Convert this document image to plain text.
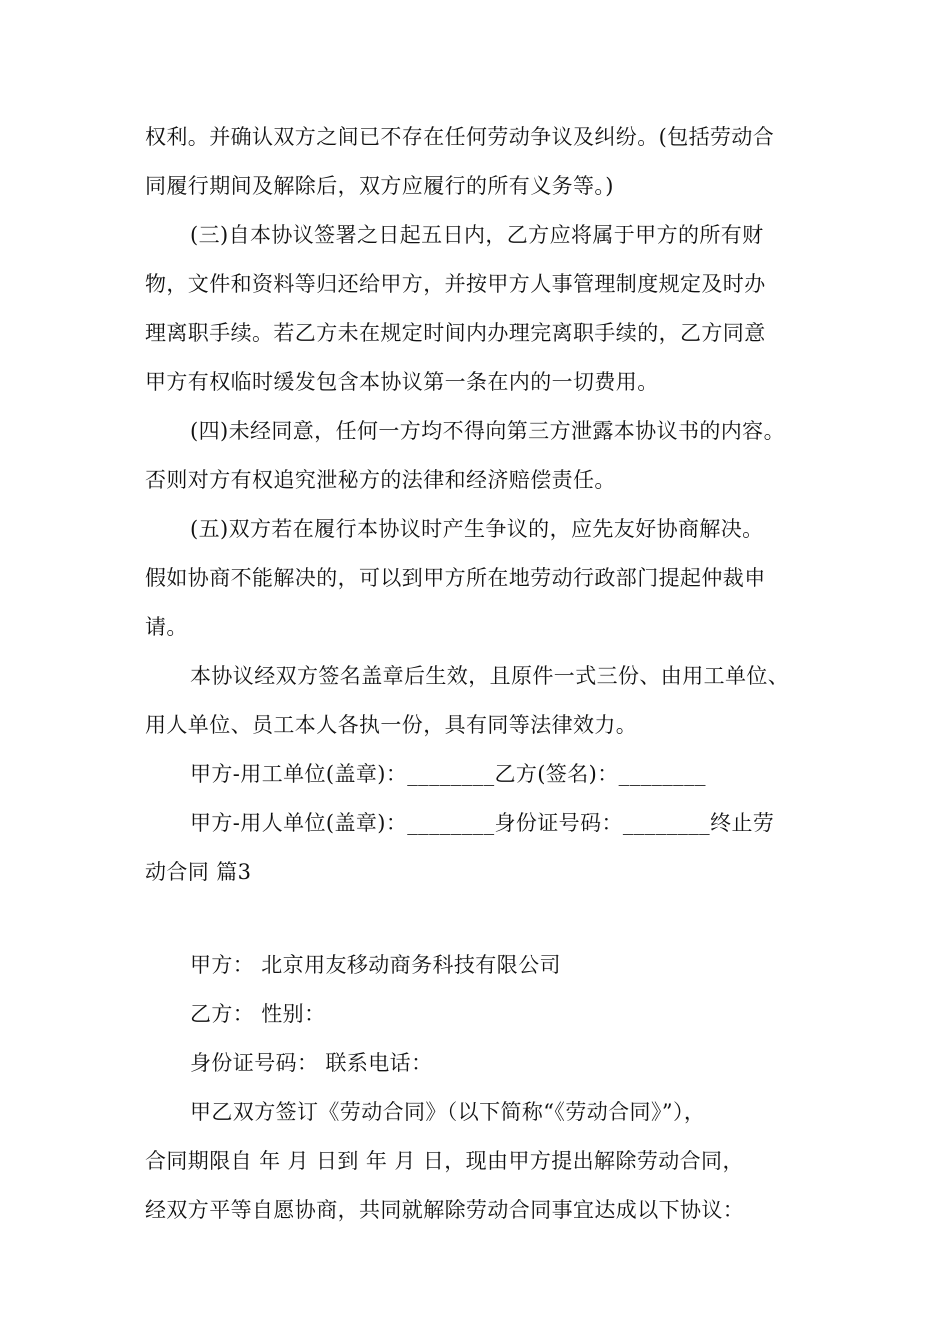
权利。并确认双方之间已不存在任何劳动争议及纠纷。(包括劳动合
同履行期间及解除后，双方应履行的所有义务等。)
(三)自本协议签署之日起五日内，乙方应将属于甲方的所有财
物，文件和资料等归还给甲方，并按甲方人事管理制度规定及时办
理离职手续。若乙方未在规定时间内办理完离职手续的，乙方同意
甲方有权临时缓发包含本协议第一条在内的一切费用。
(四)未经同意，任何一方均不得向第三方泄露本协议书的内容。
否则对方有权追究泄秘方的法律和经济赔偿责任。
(五)双方若在履行本协议时产生争议的，应先友好协商解决。
假如协商不能解决的，可以到甲方所在地劳动行政部门提起仲裁申
请。
本协议经双方签名盖章后生效，且原件一式三份、由用工单位、
用人单位、员工本人各执一份，具有同等法律效力。
甲方-用工单位(盖章)：________乙方(签名)：________
甲方-用人单位(盖章)：________身份证号码：________终止劳
动合同 篇3
甲方： 北京用友移动商务科技有限公司
乙方： 性别：
身份证号码： 联系电话：
甲乙双方签订《劳动合同》（以下简称“《劳动合同》”），
合同期限自 年 月 日到 年 月 日，现由甲方提出解除劳动合同，
经双方平等自愿协商，共同就解除劳动合同事宜达成以下协议：
